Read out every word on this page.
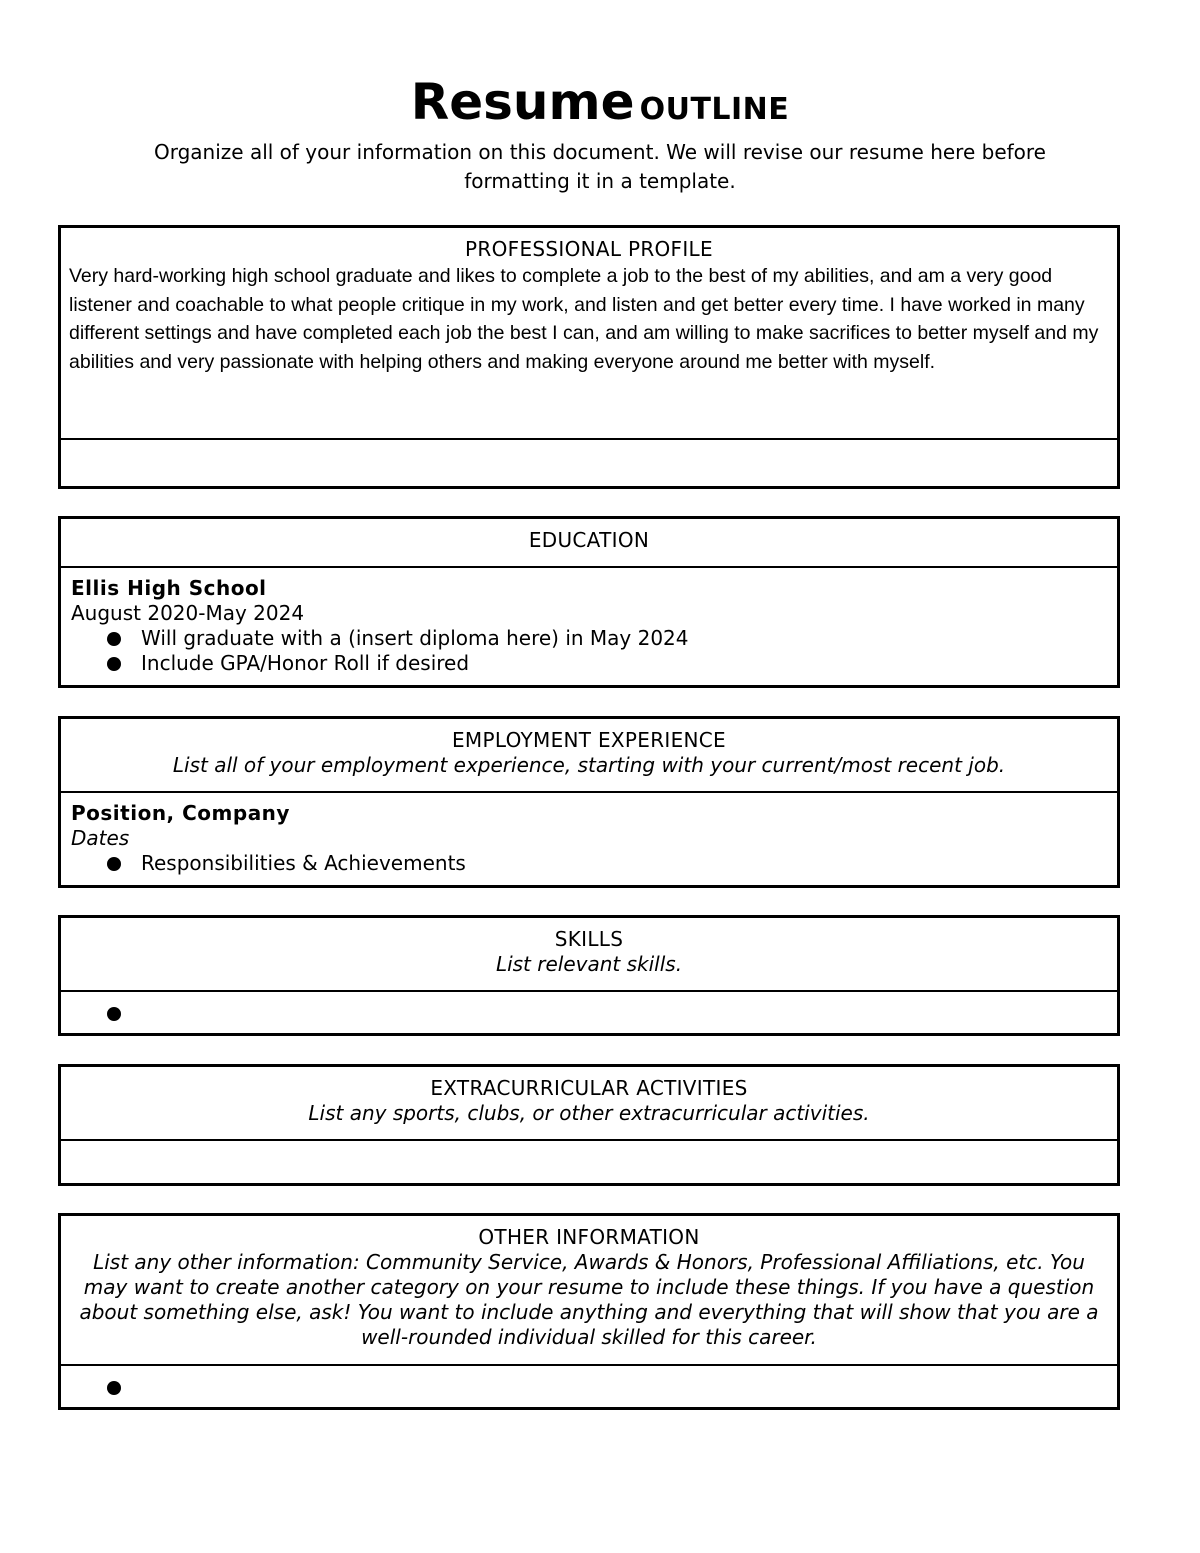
Resume OUTLINE
Organize all of your information on this document. We will revise our resume here before formatting it in a template.
PROFESSIONAL PROFILE
Very hard-working high school graduate and likes to complete a job to the best of my abilities, and am a very good listener and coachable to what people critique in my work, and listen and get better every time. I have worked in many different settings and have completed each job the best I can, and am willing to make sacrifices to better myself and my abilities and very passionate with helping others and making everyone around me better with myself.
EDUCATION
Ellis High School
August 2020-May 2024
Will graduate with a (insert diploma here) in May 2024
Include GPA/Honor Roll if desired
EMPLOYMENT EXPERIENCE
List all of your employment experience, starting with your current/most recent job.
Position, Company
Dates
Responsibilities & Achievements
SKILLS
List relevant skills.
EXTRACURRICULAR ACTIVITIES
List any sports, clubs, or other extracurricular activities.
OTHER INFORMATION
List any other information: Community Service, Awards & Honors, Professional Affiliations, etc. You may want to create another category on your resume to include these things. If you have a question about something else, ask! You want to include anything and everything that will show that you are a well-rounded individual skilled for this career.
